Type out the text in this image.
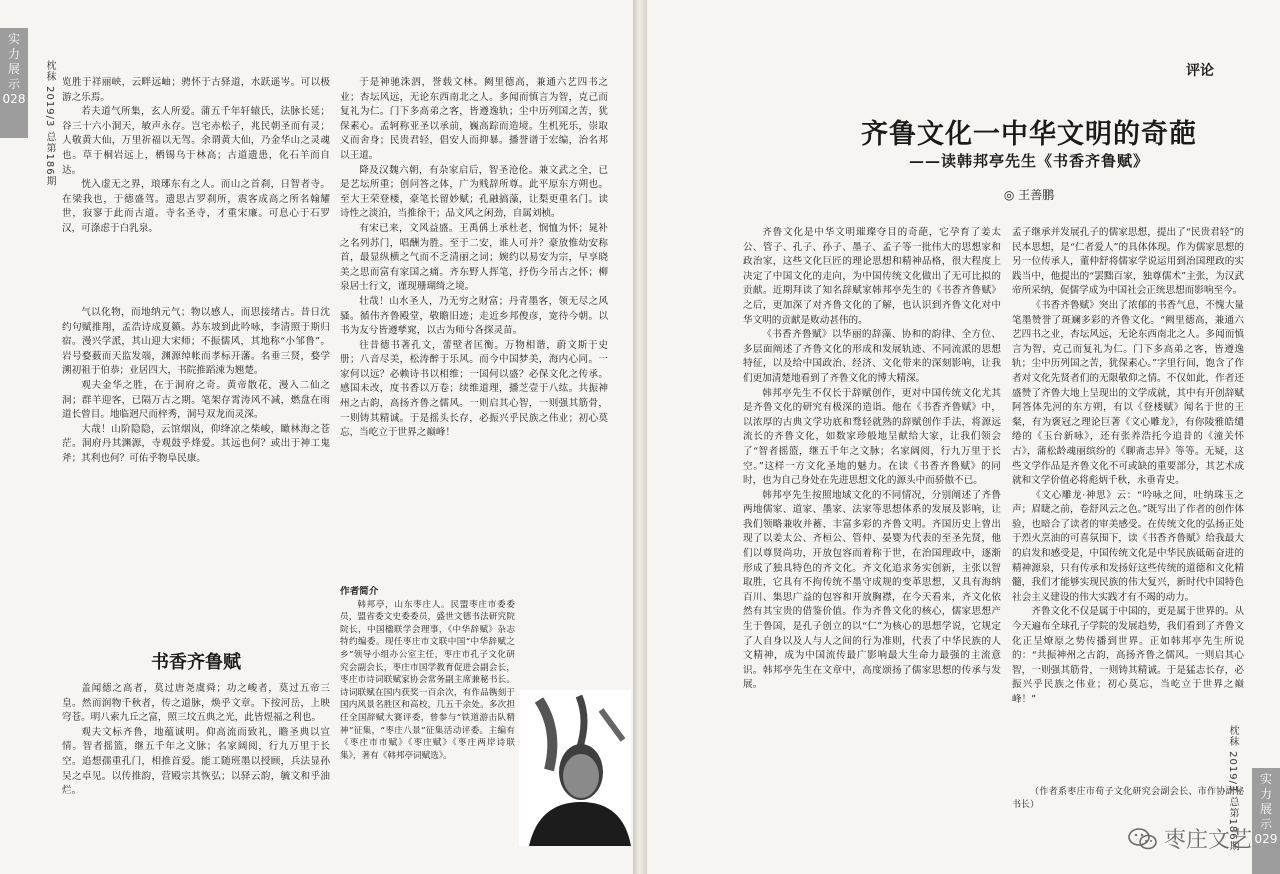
实
力
展
示
028 枕秣 2019/3 总第186期 览胜于祥丽峡，云畔远岫；骋怀于古驿道，水跃遥岑。可以极游之乐焉。

若夫道气所集，玄人所爱。蒲五千年轩辕氏，法脉长延；谷三十六小洞天，敏声永存。岂宅赤松子，兆民朝圣而有灵；人敬黄大仙，万里祈福以无驾。余谓黄大仙，乃金华山之灵魂也。草于桐岩远上，栖锡乌于林高；古道遗患，化石羊而自达。

恍入虚无之界，琅琊东有之人。而山之首刹，日智者寺。在梁我也，于德盛驾。遗思古罗刹所，震客成高之所名翰耀世，寂寥于此而古道。寺名圣寺，才重宋廉。可息心于石罗汉，可涤虑于白乳泉。

气以化物，而地纳元气；物以感人，而思接绪古。昔日沈约句赋推翔，孟浩诗成夏籁。苏东坡到此吟咏，李清照于斯归宿。漫兴学派，其山迎大宋师；不振儒风，其地称“小邹鲁”。岩号婺薮而天监发端，渊源绰帐而孝标开藩。名垂三贤，婺学溯初祖于伯恭；业居四大，书院推蹈涑为翘楚。

观夫金华之胜，在于洞府之奇。黄帝散花，漫入二仙之洞；群羊迎客，已隔万古之期。笔架存霄涛风不减，燃盘在雨道长曾目。地临迥尺而梓秀，洞号双龙而灵深。

大哉！山阶隐隐，云馆烟岚，仰绛凉之柴峻，瞰林海之苍茫。洞府丹其渊源，寺观鼓乎烽爱。其远也何？或出于神工鬼斧；其利也何？可佑乎物阜民康。

书香齐鲁赋

盖闻德之高者，莫过唐尧虞舜；功之峻者，莫过五帝三皇。然而润物千秋者，传之道脉，焕乎文章。下按河岳，上映穹苍。明八索九丘之富，照三坟五典之光，此皆煜福之利也。

观夫文标齐鲁，地蕴诚明。仰高流而致礼，瞻圣典以宣情。智者摇篮，继五千年之文脉；名家阔阅，行九万里于长空。追想孺重孔门，相推首爱。能工随班墨以授顾，兵法显孙吴之卓见。以传推韵，营殿宗其恢弘；以驿云韵，毓文和乎油烂。

于是神驰洙泗，誉载文林。阙里德高，兼通六艺四书之业；杏坛风远，无论东西南北之人。多闻而慎言为智，克己而复礼为仁。门下多高弟之客，皆遵逸轨；尘中历列国之苦，犹保素心。孟轲称亚圣以承前，巍高踪而造境。生机死乐，崇取义而舍身；民贵君轻，倡安人而抑暴。播誉谱于宏编，治名邦以王道。

降及汉魏六朝，有杂家启后，智圣沧伦。兼文武之全，已是艺坛所重；创问答之体，广为贱辞所尊。此平原东方朔也。至大王荣登楼，豪笔长留妙赋；孔融搞藻，让梨更重名门。读诗性之淡泊，当推徐干；品文风之闲劲，自属刘桢。

有宋已来，文风益盛。王禹偁上承杜老，悯恤为怀；晁补之名列苏门，唱酬为胜。至于二安，谁人可并？豪放惟幼安称首，最显纵横之气而不乏清丽之词；婉约以易安为宗，早享晓美之思而富有家国之痛。齐东野人挥笔，抒伤今吊古之怀；柳泉居士行文，谨现珊瑚绮之境。

壮哉！山水圣人，乃无穷之财富；丹青墨客，领无尽之风骚。循伟齐鲁殿堂，敬瞻旧迹；走近乡邦俊彦，宽待今朝。以书为友兮皆遵孳窕，以古为师兮各探灵苗。

往昔德书著孔文，蕾壁者匡衡。万物相谐，蔚文斯于史册；八音尽美，松涛醉于乐风。而今中国梦美，海内心同。一家何以远？必赖诗书以相维；一国何以盛？必保文化之传承。感国未改，度书香以万卷；续维道理，播芝壹于八纮。共振神州之古韵，高扬齐鲁之儒风。一则启其心智，一则强其筋骨，一则铸其精诚。于是摇头长存，必振兴乎民族之伟业；初心莫忘，当屹立于世界之巅峰！

作者简介

韩邦亭，山东枣庄人。民盟枣庄市委委员，盟省委文史委委员，盛世文德书法研究院院长，中国楹联学会理事，《中华辞赋》杂志特约编委。现任枣庄市文联中国“中华辞赋之乡”领导小组办公室主任，枣庄市孔子文化研究会副会长，枣庄市国学教育促进会副会长，枣庄市诗词联赋家协会常务副主席兼秘书长。诗词联赋在国内获奖一百余次，有作品镌刻于国内风景名胜区和高校，几五千余处。多次担任全国辞赋大赛评委，曾参与“铁道游击队精神”征集，“枣庄八景”征集活动评委。主编有《枣庄市市赋》《枣庄赋》《枣庄两岸诗联集》，著有《韩邦亭词赋选》。

评论
齐鲁文化一中华文明的奇葩
——读韩邦亭先生《书香齐鲁赋》
◎ 王善鹏

齐鲁文化是中华文明璀璨夺目的奇葩，它孕育了姜太公、管子、孔子、孙子、墨子、孟子等一批伟大的思想家和政治家，这些文化巨匠的理论思想和精神品格，很大程度上决定了中国文化的走向，为中国传统文化做出了无可比拟的贡献。近期拜读了知名辞赋家韩邦亭先生的《书香齐鲁赋》之后，更加深了对齐鲁文化的了解，也认识到齐鲁文化对中华文明的贡献是败动甚伟的。

《书香齐鲁赋》以华丽的辞藻、协和的韵律、全方位、多层面阐述了齐鲁文化的形成和发展轨迹、不同流派的思想特征，以及给中国政治、经济、文化带来的深刻影响，让我们更加清楚地看到了齐鲁文化的博大精深。

韩邦亭先生不仅长于辞赋创作，更对中国传统文化尤其是齐鲁文化的研究有极深的造诣。他在《书香齐鲁赋》中，以浓厚的古典文学功底和骛轻就熟的辞赋创作手法，将源远流长的齐鲁文化，如数家珍般地呈献给大家，让我们领会了“智者摇篮，继五千年之文脉；名家阔阅，行九万里于长空。”这样一方文化圣地的魅力。在读《书香齐鲁赋》的同时，也为自己身处在先进思想文化的源头中而骄傲不已。

韩邦亭先生按照地域文化的不同情况，分别阐述了齐鲁两地儒家、道家、墨家、法家等思想体系的发展及影响，让我们领略兼收并蓄、丰富多彩的齐鲁文明。齐国历史上曾出现了以姜太公、齐桓公、管仲、晏婴为代表的至圣先贤，他们以尊贤尚功，开放包容而着称于世，在治国理政中，逐渐形成了独具特色的齐文化。齐文化追求务实创新，主张以智取胜，它具有不拘传统不墨守成规的变革思想，又具有海纳百川、集思广益的包容和开放胸襟，在今天看来，齐文化依然有其宝贵的借鉴价值。作为齐鲁文化的核心，儒家思想产生于鲁国，是孔子创立的以“仁”为核心的思想学说，它规定了人自身以及人与人之间的行为准则，代表了中华民族的人文精神，成为中国流传最广影响最大生命力最强的主流意识。韩邦亭先生在文章中，高度颂扬了儒家思想的传承与发展。

孟子继承并发展孔子的儒家思想，提出了“民贵君轻”的民本思想，是“仁者爱人”的具体体现。作为儒家思想的另一位传承人，董仲舒将儒家学说运用到治国理政的实践当中，他提出的“罢黜百家，独尊儒术”主张，为汉武帝所采纳，促儒学成为中国社会正统思想而影响至今。

《书香齐鲁赋》突出了浓郁的书香气息，不愧大量笔墨赞誉了斑斓多彩的齐鲁文化。“阙里德高，兼通六艺四书之业，杏坛风远，无论东西南北之人。多闻而慎言为智，克己而复礼为仁。门下多高弟之客，皆遵逸轨；尘中历列国之苦，犹保素心。”字里行间，饱含了作者对文化先贤者们的无限敬仰之情。不仅如此，作者还盛赞了齐鲁大地上呈现出的文学成就，其中有开创辞赋阿答体先河的东方朔，有以《登楼赋》闻名于世的王粲，有为褒冠之理论巨著《文心雕龙》，有你陵雅皓缱绻的《玉台新咏》，还有张养浩托今追昔的《潼关怀古》，蒲松龄魂丽缤纷的《聊斋志异》等等。无疑，这些文学作品是齐鲁文化不可或缺的重要部分，其艺术成就和文学价值必将彪炳千秋，永垂青史。

《文心雕龙·神思》云：“吟咏之间，吐纳珠玉之声；眉睫之前，卷舒风云之色。”既写出了作者的创作体验，也暗合了读者的审美感受。在传统文化的弘扬正处于烈火烹油的可喜氛围下，读《书香齐鲁赋》给我最大的启发和感受是，中国传统文化是中华民族砥砺奋进的精神源泉，只有传承和发扬好这些传统的道德和文化精髓，我们才能够实现民族的伟大复兴，新时代中国特色社会主义建设的伟大实践才有不竭的动力。

齐鲁文化不仅是属于中国的，更是属于世界的。从今天遍布全球孔子学院的发展趋势，我们看到了齐鲁文化正呈燎原之势传播到世界。正如韩邦亭先生所说的：“共振神州之古韵，高扬齐鲁之儒风。一则启其心智，一则强其筋骨，一则铸其精诚。于是猛志长存，必振兴乎民族之伟业；初心莫忘，当屹立于世界之巅峰！”

（作者系枣庄市荀子文化研究会副会长、市作协副秘书长）	枕秣 2019/3 总第186期	实
力
展
示
029
枣庄文艺
